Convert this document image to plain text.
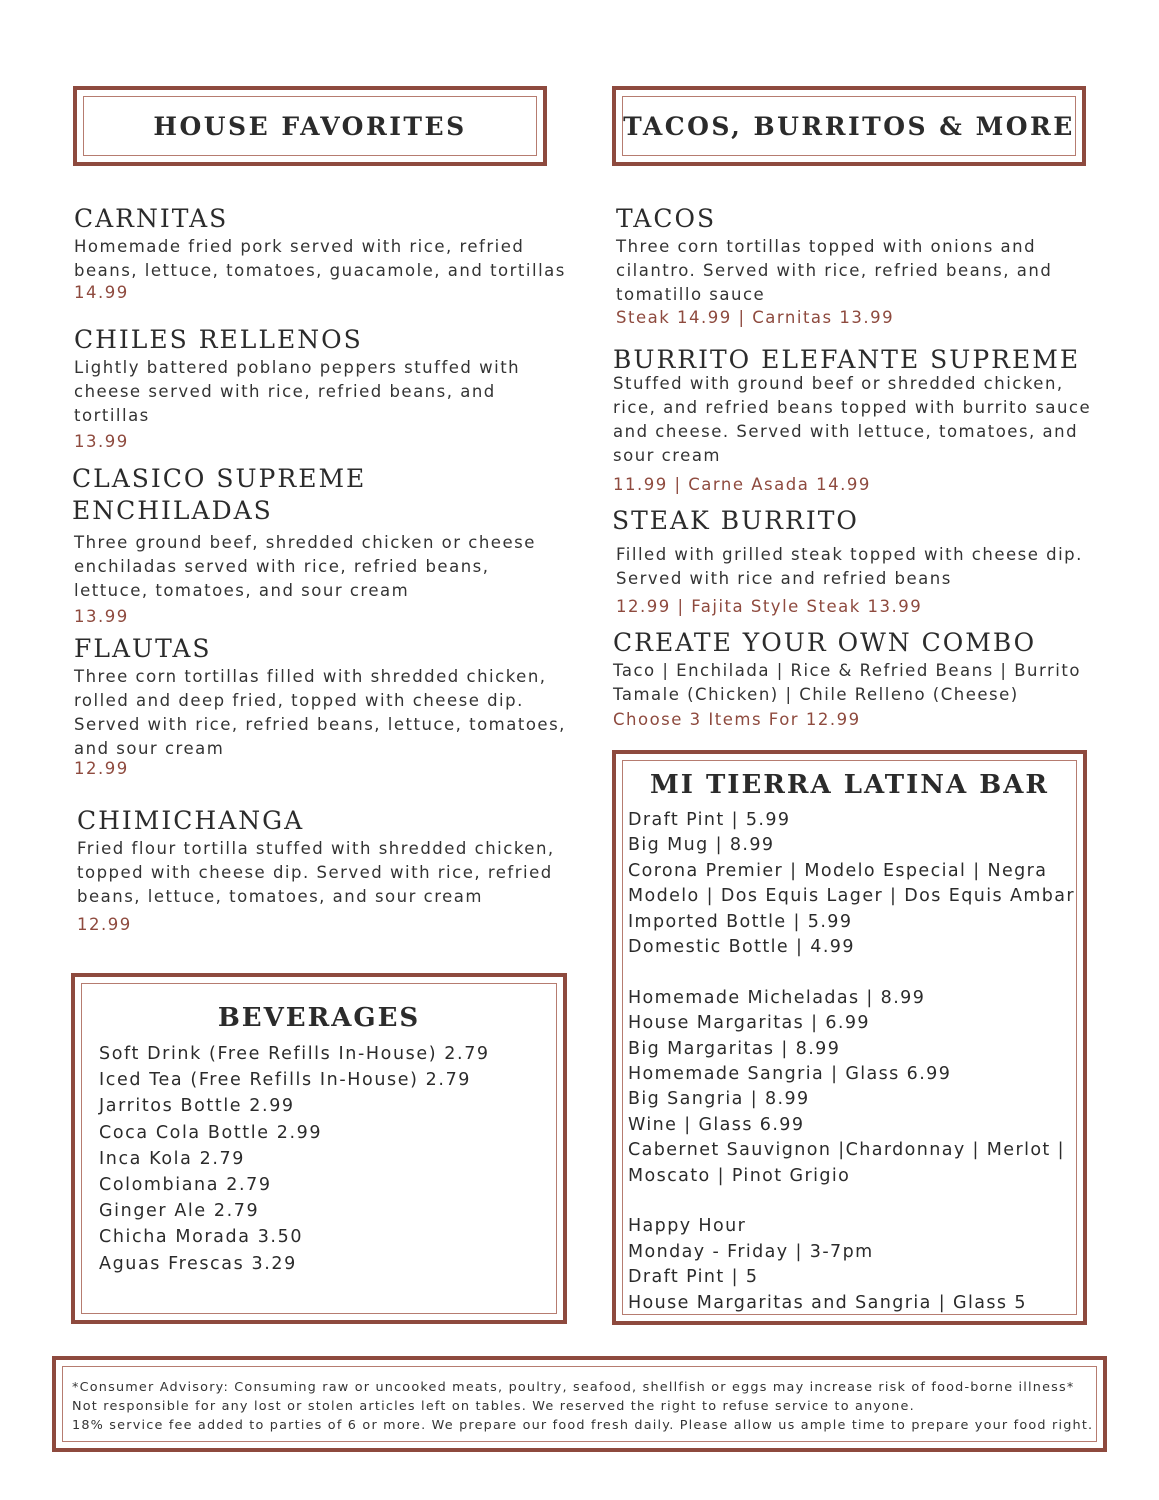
HOUSE FAVORITES	TACOS, BURRITOS & MORE

CARNITAS

Homemade fried pork served with rice, refried

beans, lettuce, tomatoes, guacamole, and tortillas

14.99

CHILES RELLENOS

Lightly battered poblano peppers stuffed with

cheese served with rice, refried beans, and

tortillas

13.99

CLASICO SUPREME

ENCHILADAS

Three ground beef, shredded chicken or cheese

enchiladas served with rice, refried beans,

lettuce, tomatoes, and sour cream

13.99

FLAUTAS

Three corn tortillas filled with shredded chicken,

rolled and deep fried, topped with cheese dip.

Served with rice, refried beans, lettuce, tomatoes,

and sour cream

12.99

CHIMICHANGA

Fried flour tortilla stuffed with shredded chicken,

topped with cheese dip. Served with rice, refried

beans, lettuce, tomatoes, and sour cream

12.99

TACOS

Three corn tortillas topped with onions and

cilantro. Served with rice, refried beans, and

tomatillo sauce

Steak 14.99 | Carnitas 13.99

BURRITO ELEFANTE SUPREME

Stuffed with ground beef or shredded chicken,

rice, and refried beans topped with burrito sauce

and cheese. Served with lettuce, tomatoes, and

sour cream

11.99 | Carne Asada 14.99

STEAK BURRITO

Filled with grilled steak topped with cheese dip.

Served with rice and refried beans

12.99 | Fajita Style Steak 13.99

CREATE YOUR OWN COMBO

Taco | Enchilada | Rice & Refried Beans | Burrito

Tamale (Chicken) | Chile Relleno (Cheese)

Choose 3 Items For 12.99

BEVERAGES
Soft Drink (Free Refills In-House) 2.79
Iced Tea (Free Refills In-House) 2.79
Jarritos Bottle 2.99
Coca Cola Bottle 2.99
Inca Kola 2.79
Colombiana 2.79
Ginger Ale 2.79
Chicha Morada 3.50
Aguas Frescas 3.29
MI TIERRA LATINA BAR
Draft Pint | 5.99
Big Mug | 8.99
Corona Premier | Modelo Especial | Negra
Modelo | Dos Equis Lager | Dos Equis Ambar
Imported Bottle | 5.99
Domestic Bottle | 4.99
Homemade Micheladas | 8.99
House Margaritas | 6.99
Big Margaritas | 8.99
Homemade Sangria | Glass 6.99
Big Sangria | 8.99
Wine | Glass 6.99
Cabernet Sauvignon |Chardonnay | Merlot |
Moscato | Pinot Grigio
Happy Hour
Monday - Friday | 3-7pm
Draft Pint | 5
House Margaritas and Sangria | Glass 5
*Consumer Advisory: Consuming raw or uncooked meats, poultry, seafood, shellfish or eggs may increase risk of food-borne illness*
Not responsible for any lost or stolen articles left on tables. We reserved the right to refuse service to anyone.
18% service fee added to parties of 6 or more. We prepare our food fresh daily. Please allow us ample time to prepare your food right.
